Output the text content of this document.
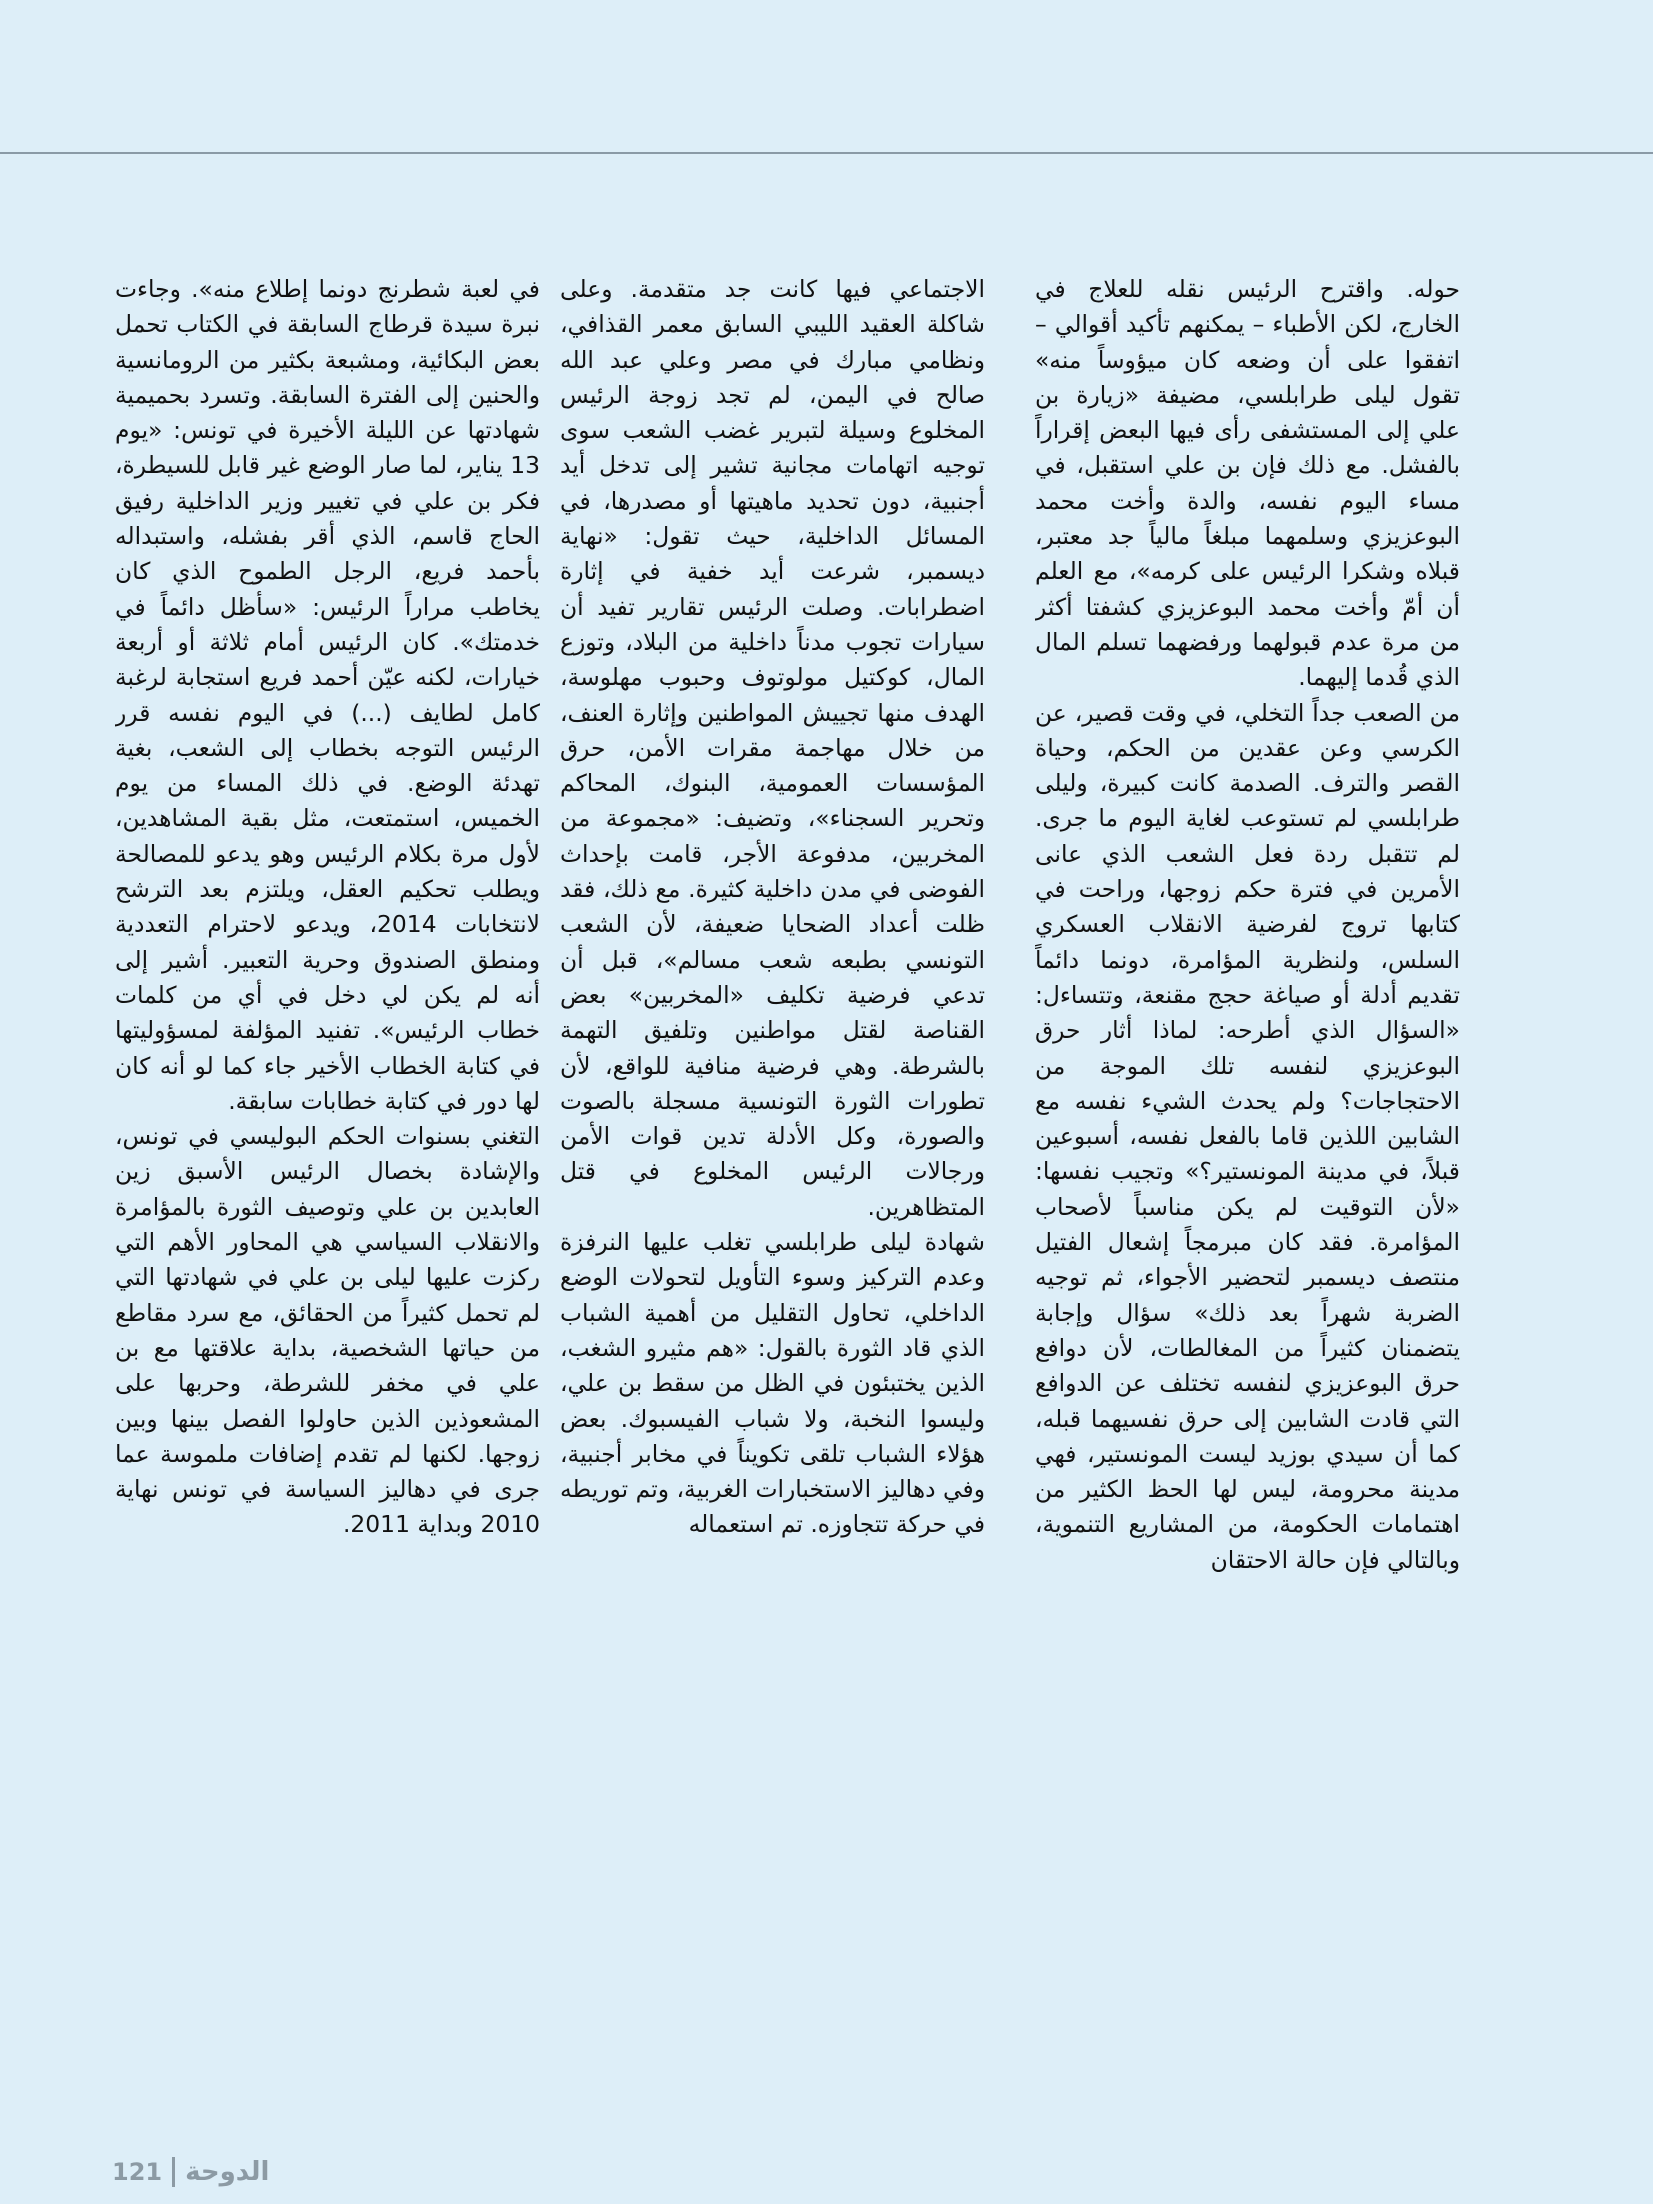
حوله. واقترح الرئيس نقله للعلاج في الخارج، لكن الأطباء – يمكنهم تأكيد أقوالي – اتفقوا على أن وضعه كان ميؤوساً منه» تقول ليلى طرابلسي، مضيفة «زيارة بن علي إلى المستشفى رأى فيها البعض إقراراً بالفشل. مع ذلك فإن بن علي استقبل، في مساء اليوم نفسه، والدة وأخت محمد البوعزيزي وسلمهما مبلغاً مالياً جد معتبر، قبلاه وشكرا الرئيس على كرمه»، مع العلم أن أمّ وأخت محمد البوعزيزي كشفتا أكثر من مرة عدم قبولهما ورفضهما تسلم المال الذي قُدما إليهما.

من الصعب جداً التخلي، في وقت قصير، عن الكرسي وعن عقدين من الحكم، وحياة القصر والترف. الصدمة كانت كبيرة، وليلى طرابلسي لم تستوعب لغاية اليوم ما جرى. لم تتقبل ردة فعل الشعب الذي عانى الأمرين في فترة حكم زوجها، وراحت في كتابها تروج لفرضية الانقلاب العسكري السلس، ولنظرية المؤامرة، دونما دائماً تقديم أدلة أو صياغة حجج مقنعة، وتتساءل: «السؤال الذي أطرحه: لماذا أثار حرق البوعزيزي لنفسه تلك الموجة من الاحتجاجات؟ ولم يحدث الشيء نفسه مع الشابين اللذين قاما بالفعل نفسه، أسبوعين قبلاً، في مدينة المونستير؟» وتجيب نفسها: «لأن التوقيت لم يكن مناسباً لأصحاب المؤامرة. فقد كان مبرمجاً إشعال الفتيل منتصف ديسمبر لتحضير الأجواء، ثم توجيه الضربة شهراً بعد ذلك» سؤال وإجابة يتضمنان كثيراً من المغالطات، لأن دوافع حرق البوعزيزي لنفسه تختلف عن الدوافع التي قادت الشابين إلى حرق نفسيهما قبله، كما أن سيدي بوزيد ليست المونستير، فهي مدينة محرومة، ليس لها الحظ الكثير من اهتمامات الحكومة، من المشاريع التنموية، وبالتالي فإن حالة الاحتقان

الاجتماعي فيها كانت جد متقدمة. وعلى شاكلة العقيد الليبي السابق معمر القذافي، ونظامي مبارك في مصر وعلي عبد الله صالح في اليمن، لم تجد زوجة الرئيس المخلوع وسيلة لتبرير غضب الشعب سوى توجيه اتهامات مجانية تشير إلى تدخل أيد أجنبية، دون تحديد ماهيتها أو مصدرها، في المسائل الداخلية، حيث تقول: «نهاية ديسمبر، شرعت أيد خفية في إثارة اضطرابات. وصلت الرئيس تقارير تفيد أن سيارات تجوب مدناً داخلية من البلاد، وتوزع المال، كوكتيل مولوتوف وحبوب مهلوسة، الهدف منها تجييش المواطنين وإثارة العنف، من خلال مهاجمة مقرات الأمن، حرق المؤسسات العمومية، البنوك، المحاكم وتحرير السجناء»، وتضيف: «مجموعة من المخربين، مدفوعة الأجر، قامت بإحداث الفوضى في مدن داخلية كثيرة. مع ذلك، فقد ظلت أعداد الضحايا ضعيفة، لأن الشعب التونسي بطبعه شعب مسالم»، قبل أن تدعي فرضية تكليف «المخربين» بعض القناصة لقتل مواطنين وتلفيق التهمة بالشرطة. وهي فرضية منافية للواقع، لأن تطورات الثورة التونسية مسجلة بالصوت والصورة، وكل الأدلة تدين قوات الأمن ورجالات الرئيس المخلوع في قتل المتظاهرين.

شهادة ليلى طرابلسي تغلب عليها النرفزة وعدم التركيز وسوء التأويل لتحولات الوضع الداخلي، تحاول التقليل من أهمية الشباب الذي قاد الثورة بالقول: «هم مثيرو الشغب، الذين يختبئون في الظل من سقط بن علي، وليسوا النخبة، ولا شباب الفيسبوك. بعض هؤلاء الشباب تلقى تكويناً في مخابر أجنبية، وفي دهاليز الاستخبارات الغربية، وتم توريطه في حركة تتجاوزه. تم استعماله

في لعبة شطرنج دونما إطلاع منه». وجاءت نبرة سيدة قرطاج السابقة في الكتاب تحمل بعض البكائية، ومشبعة بكثير من الرومانسية والحنين إلى الفترة السابقة. وتسرد بحميمية شهادتها عن الليلة الأخيرة في تونس: «يوم 13 يناير، لما صار الوضع غير قابل للسيطرة، فكر بن علي في تغيير وزير الداخلية رفيق الحاج قاسم، الذي أقر بفشله، واستبداله بأحمد فريع، الرجل الطموح الذي كان يخاطب مراراً الرئيس: «سأظل دائماً في خدمتك». كان الرئيس أمام ثلاثة أو أربعة خيارات، لكنه عيّن أحمد فريع استجابة لرغبة كامل لطايف (...) في اليوم نفسه قرر الرئيس التوجه بخطاب إلى الشعب، بغية تهدئة الوضع. في ذلك المساء من يوم الخميس، استمتعت، مثل بقية المشاهدين، لأول مرة بكلام الرئيس وهو يدعو للمصالحة ويطلب تحكيم العقل، ويلتزم بعد الترشح لانتخابات 2014، ويدعو لاحترام التعددية ومنطق الصندوق وحرية التعبير. أشير إلى أنه لم يكن لي دخل في أي من كلمات خطاب الرئيس». تفنيد المؤلفة لمسؤوليتها في كتابة الخطاب الأخير جاء كما لو أنه كان لها دور في كتابة خطابات سابقة.

التغني بسنوات الحكم البوليسي في تونس، والإشادة بخصال الرئيس الأسبق زين العابدين بن علي وتوصيف الثورة بالمؤامرة والانقلاب السياسي هي المحاور الأهم التي ركزت عليها ليلى بن علي في شهادتها التي لم تحمل كثيراً من الحقائق، مع سرد مقاطع من حياتها الشخصية، بداية علاقتها مع بن علي في مخفر للشرطة، وحربها على المشعوذين الذين حاولوا الفصل بينها وبين زوجها. لكنها لم تقدم إضافات ملموسة عما جرى في دهاليز السياسة في تونس نهاية 2010 وبداية 2011.

121 الدوحة
